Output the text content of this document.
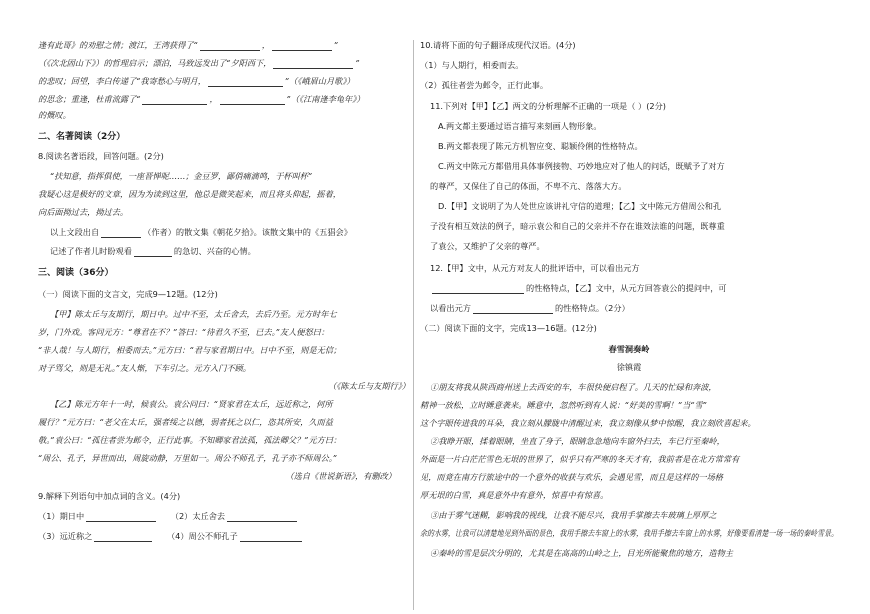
逢有此哥》的劝慰之情；渡江，王湾获得了“	，	”
（《次北固山下》）的哲理启示；漂泊，马致远发出了“夕阳西下，	”
的悲叹；回望，李白传递了“我寄愁心与明月，	”（《峨眉山月歌》）
的思念；重逢，杜甫流露了“	，	”（《江南逢李龟年》）
的慨叹。
二、名著阅读（2分）
8.阅读名著语段，回答问题。(2分)
“扶知意，指挥俱使，一座晋惮呢……；金豆罗，鄙俏痛滴鸣，于杯叫杯”
我疑心这是极好的文章，因为为读到这里，他总是微笑起来，而且将头仰起，摇着，
向后面拗过去，拗过去。
以上文段出自	（作者）的散文集《朝花夕拾》。该散文集中的《五猖会》
记述了作者儿时盼观看	的急切、兴奋的心情。
三、阅读（36分）
（一）阅读下面的文言文，完成9—12题。(12分)
【甲】陈太丘与友期行，期日中。过中不至，太丘舍去，去后乃至。元方时年七
岁，门外戏。客问元方：“尊君在不？”答曰：“待君久不至，已去。”友人便怒曰：
“非人哉！与人期行，相委而去。”元方曰：“君与家君期日中。日中不至，则是无信；
对子骂父，则是无礼。”友人惭，下车引之。元方入门不顾。
（《陈太丘与友期行》）
【乙】陈元方年十一时，候袁公。袁公问曰：“贤家君在太丘，远近称之，何所
履行？”元方曰：“老父在太丘，强者绥之以德，弱者抚之以仁，恣其所安，久而益
敬。”袁公曰：“孤往者尝为邺令，正行此事。不知卿家君法孤，孤法卿父？”元方曰：
“周公、孔子，异世而出，周旋动静，万里如一。周公不师孔子，孔子亦不师周公。”
（选自《世说新语》，有删改）
9.解释下列语句中加点词的含义。(4分)
（1）期日中	（2）太丘舍去
（3）远近称之	（4）周公不师孔子
10.请将下面的句子翻译成现代汉语。(4分)
（1）与人期行，相委而去。
（2）孤往者尝为邺令，正行此事。
11.下列对【甲】【乙】两文的分析理解不正确的一项是（ ）(2分)
A.两文都主要通过语言描写来刻画人物形象。
B.两文都表现了陈元方机智应变、聪颖伶俐的性格特点。
C.两文中陈元方都借用具体事例接物、巧妙地应对了他人的问话，既赋予了对方
的尊严，又保住了自己的体面，不卑不亢、落落大方。
D.【甲】文说明了为人处世应该讲礼守信的道理；【乙】文中陈元方借周公和孔
子没有相互效法的例子，暗示袁公和自己的父亲并不存在谁效法谁的问题，既尊重
了袁公，又维护了父亲的尊严。
12.【甲】文中，从元方对友人的批评语中，可以看出元方
的性格特点，【乙】文中，从元方回答袁公的提问中，可
以看出元方	的性格特点。（2分）
（二）阅读下面的文字，完成13—16题。(12分)
春雪洞奏岭
徐镇霞
①朋友将我从陕西商州送上去西安的车，车很快便启程了。几天的忙碌和奔波，
精神一放松，立时睡意袭来。睡意中，忽然听到有人说：“好美的雪啊！”当“雪”
这个字眼传进我的耳朵，我立刻从朦胧中清醒过来，我立刻像从梦中惊醒，我立刻欣喜起来。
②我睁开眼，揉着眼睛，坐直了身子，眼睛急急地向车窗外扫去，车已行至秦岭，
外面是一片白茫茫雪色无垠的世界了，似乎只有严寒的冬天才有，我前者是在北方常常有
见，而竟在南方行旅途中的一个意外的收获与欢乐，会遇见雪，而且是这样的一场格
厚无垠的白雪，真是意外中有意外，惊喜中有惊喜。
③由于雾气迷糊，影响我的视线，让我不能尽兴，我用手掌擦去车玻璃上厚厚之
余的水雾，让我可以清楚地见到外面的景色，我用手擦去车窗上的水雾，我用手擦去车窗上的水雾，好像要看清楚一场一场的秦岭雪景。
④秦岭的雪是层次分明的，尤其是在高高的山岭之上，目光所能聚焦的地方，造物主
